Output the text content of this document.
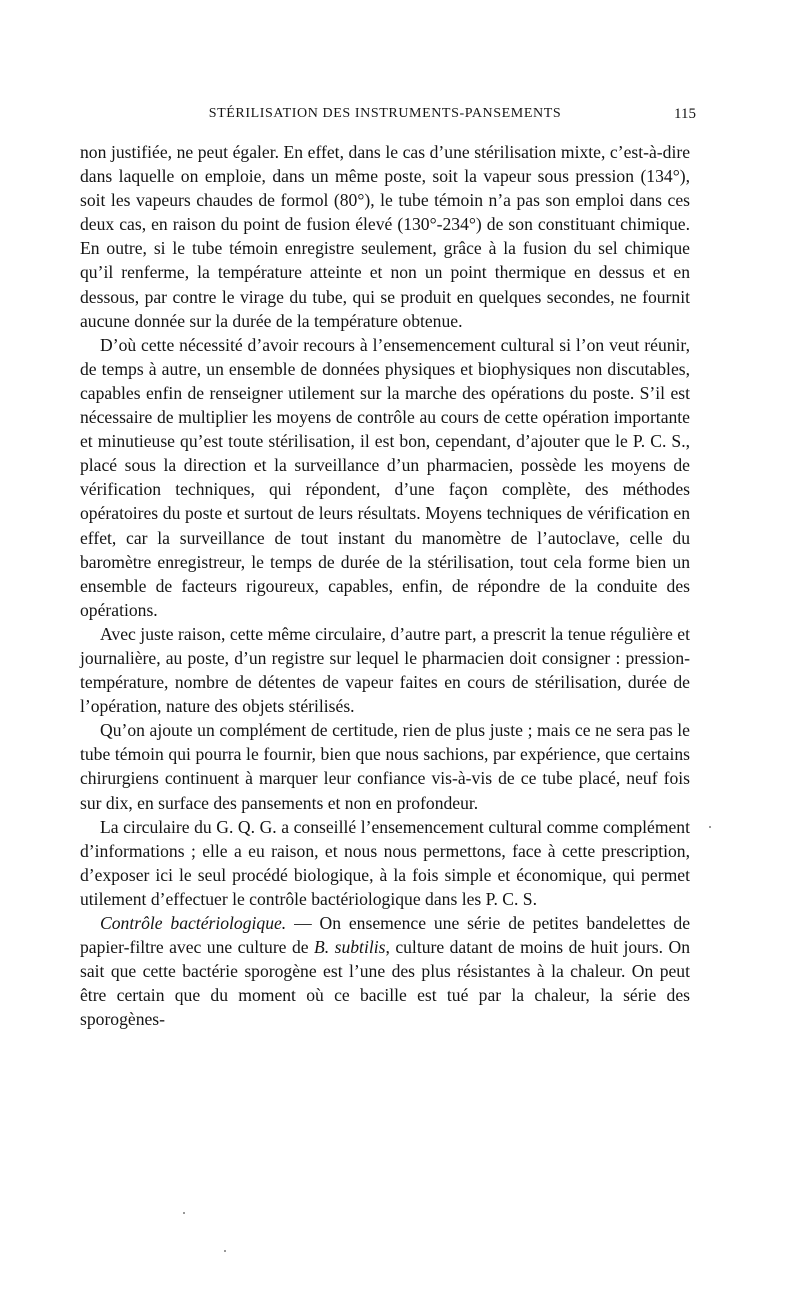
STÉRILISATION DES INSTRUMENTS-PANSEMENTS	115

non justifiée, ne peut égaler. En effet, dans le cas d’une stérilisation mixte, c’est-à-dire dans laquelle on emploie, dans un même poste, soit la vapeur sous pression (134°), soit les vapeurs chaudes de formol (80°), le tube témoin n’a pas son emploi dans ces deux cas, en raison du point de fusion élevé (130°-234°) de son constituant chimique. En outre, si le tube témoin enregistre seulement, grâce à la fusion du sel chimique qu’il renferme, la température atteinte et non un point thermique en dessus et en dessous, par contre le virage du tube, qui se produit en quelques secondes, ne fournit aucune donnée sur la durée de la température obtenue.

D’où cette nécessité d’avoir recours à l’ensemencement cultural si l’on veut réunir, de temps à autre, un ensemble de données physiques et biophysiques non discutables, capables enfin de renseigner utilement sur la marche des opérations du poste. S’il est nécessaire de multiplier les moyens de contrôle au cours de cette opération importante et minutieuse qu’est toute stérilisation, il est bon, cependant, d’ajouter que le P. C. S., placé sous la direction et la surveillance d’un pharmacien, possède les moyens de vérification techniques, qui répondent, d’une façon complète, des méthodes opératoires du poste et surtout de leurs résultats. Moyens techniques de vérification en effet, car la surveillance de tout instant du manomètre de l’autoclave, celle du baromètre enregistreur, le temps de durée de la stérilisation, tout cela forme bien un ensemble de facteurs rigoureux, capables, enfin, de répondre de la conduite des opérations.

Avec juste raison, cette même circulaire, d’autre part, a prescrit la tenue régulière et journalière, au poste, d’un registre sur lequel le pharmacien doit consigner : pression-température, nombre de détentes de vapeur faites en cours de stérilisation, durée de l’opération, nature des objets stérilisés.

Qu’on ajoute un complément de certitude, rien de plus juste ; mais ce ne sera pas le tube témoin qui pourra le fournir, bien que nous sachions, par expérience, que certains chirurgiens continuent à marquer leur confiance vis-à-vis de ce tube placé, neuf fois sur dix, en surface des pansements et non en profondeur.

La circulaire du G. Q. G. a conseillé l’ensemencement cultural comme complément d’informations ; elle a eu raison, et nous nous permettons, face à cette prescription, d’exposer ici le seul procédé biologique, à la fois simple et économique, qui permet utilement d’effectuer le contrôle bactériologique dans les P. C. S.

Contrôle bactériologique. — On ensemence une série de petites bandelettes de papier-filtre avec une culture de B. subtilis, culture datant de moins de huit jours. On sait que cette bactérie sporogène est l’une des plus résistantes à la chaleur. On peut être certain que du moment où ce bacille est tué par la chaleur, la série des sporogènes-
